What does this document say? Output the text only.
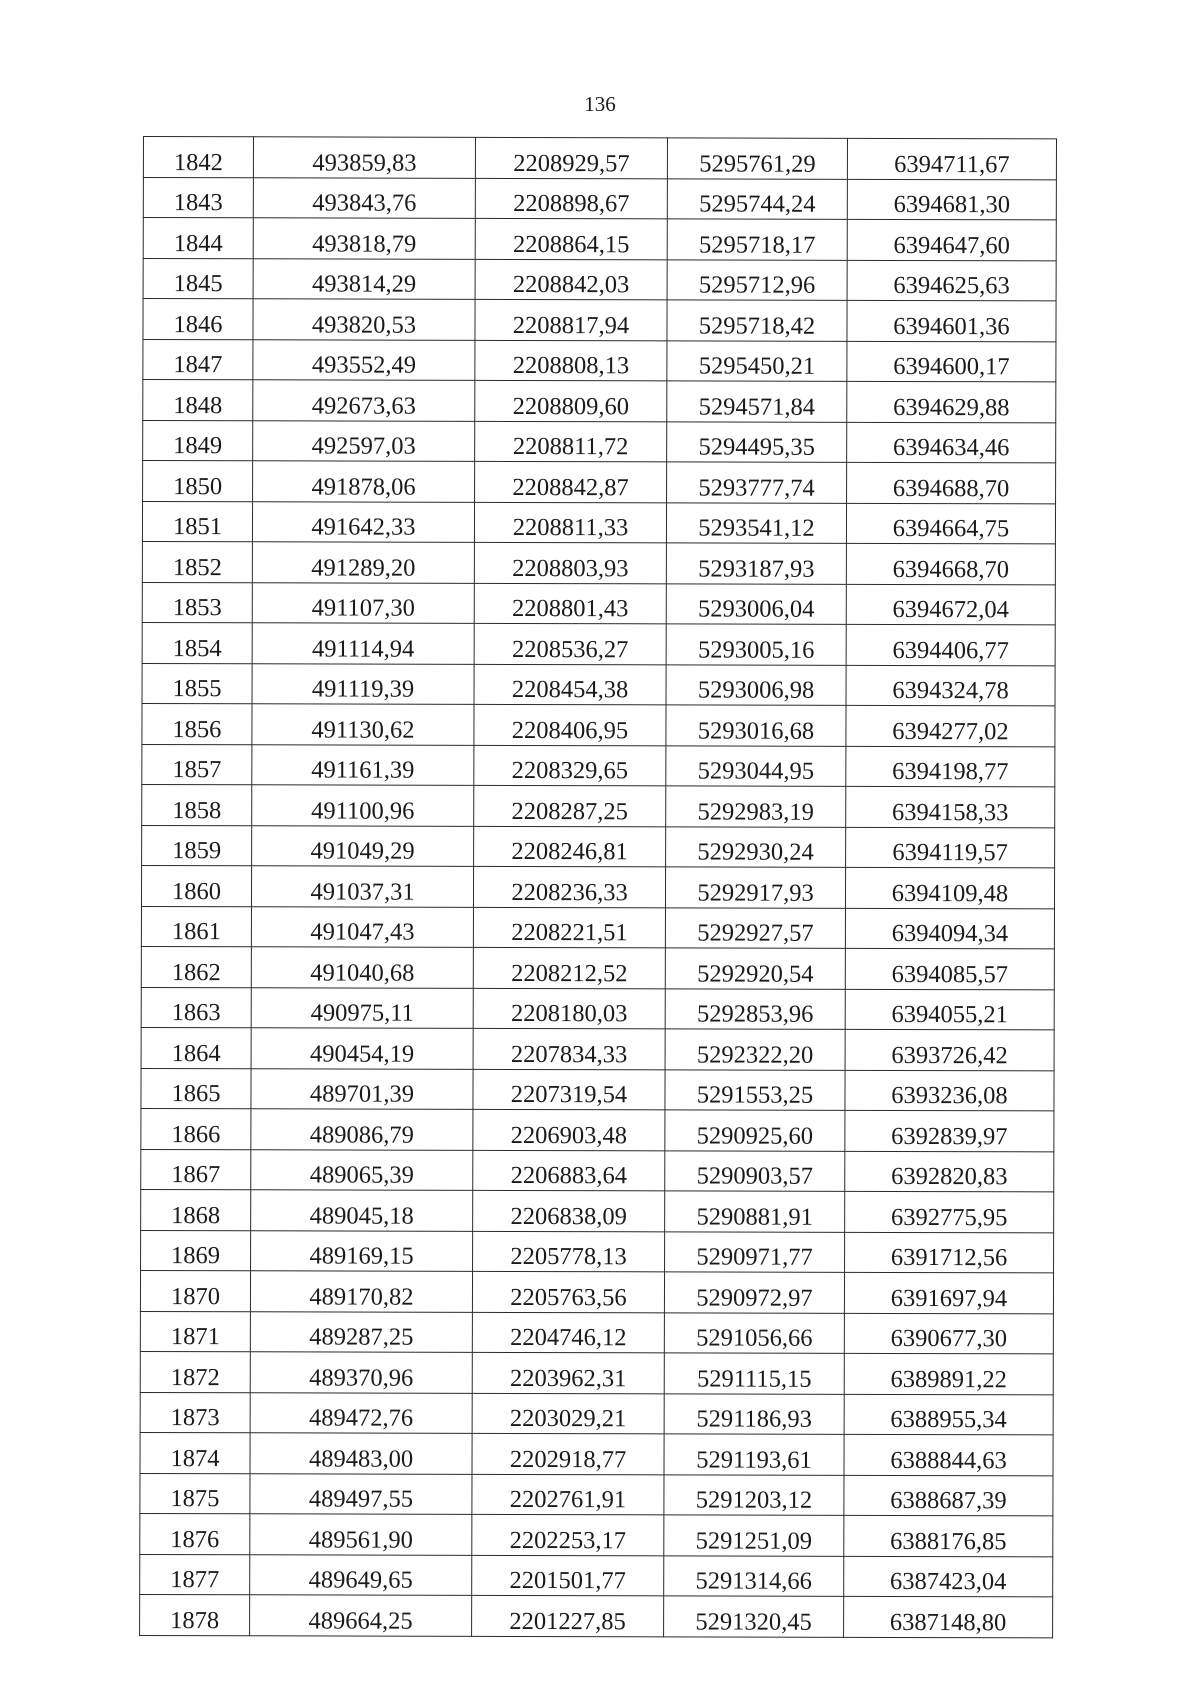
136
1842	493859,83	2208929,57	5295761,29	6394711,67
1843	493843,76	2208898,67	5295744,24	6394681,30
1844	493818,79	2208864,15	5295718,17	6394647,60
1845	493814,29	2208842,03	5295712,96	6394625,63
1846	493820,53	2208817,94	5295718,42	6394601,36
1847	493552,49	2208808,13	5295450,21	6394600,17
1848	492673,63	2208809,60	5294571,84	6394629,88
1849	492597,03	2208811,72	5294495,35	6394634,46
1850	491878,06	2208842,87	5293777,74	6394688,70
1851	491642,33	2208811,33	5293541,12	6394664,75
1852	491289,20	2208803,93	5293187,93	6394668,70
1853	491107,30	2208801,43	5293006,04	6394672,04
1854	491114,94	2208536,27	5293005,16	6394406,77
1855	491119,39	2208454,38	5293006,98	6394324,78
1856	491130,62	2208406,95	5293016,68	6394277,02
1857	491161,39	2208329,65	5293044,95	6394198,77
1858	491100,96	2208287,25	5292983,19	6394158,33
1859	491049,29	2208246,81	5292930,24	6394119,57
1860	491037,31	2208236,33	5292917,93	6394109,48
1861	491047,43	2208221,51	5292927,57	6394094,34
1862	491040,68	2208212,52	5292920,54	6394085,57
1863	490975,11	2208180,03	5292853,96	6394055,21
1864	490454,19	2207834,33	5292322,20	6393726,42
1865	489701,39	2207319,54	5291553,25	6393236,08
1866	489086,79	2206903,48	5290925,60	6392839,97
1867	489065,39	2206883,64	5290903,57	6392820,83
1868	489045,18	2206838,09	5290881,91	6392775,95
1869	489169,15	2205778,13	5290971,77	6391712,56
1870	489170,82	2205763,56	5290972,97	6391697,94
1871	489287,25	2204746,12	5291056,66	6390677,30
1872	489370,96	2203962,31	5291115,15	6389891,22
1873	489472,76	2203029,21	5291186,93	6388955,34
1874	489483,00	2202918,77	5291193,61	6388844,63
1875	489497,55	2202761,91	5291203,12	6388687,39
1876	489561,90	2202253,17	5291251,09	6388176,85
1877	489649,65	2201501,77	5291314,66	6387423,04
1878	489664,25	2201227,85	5291320,45	6387148,80
